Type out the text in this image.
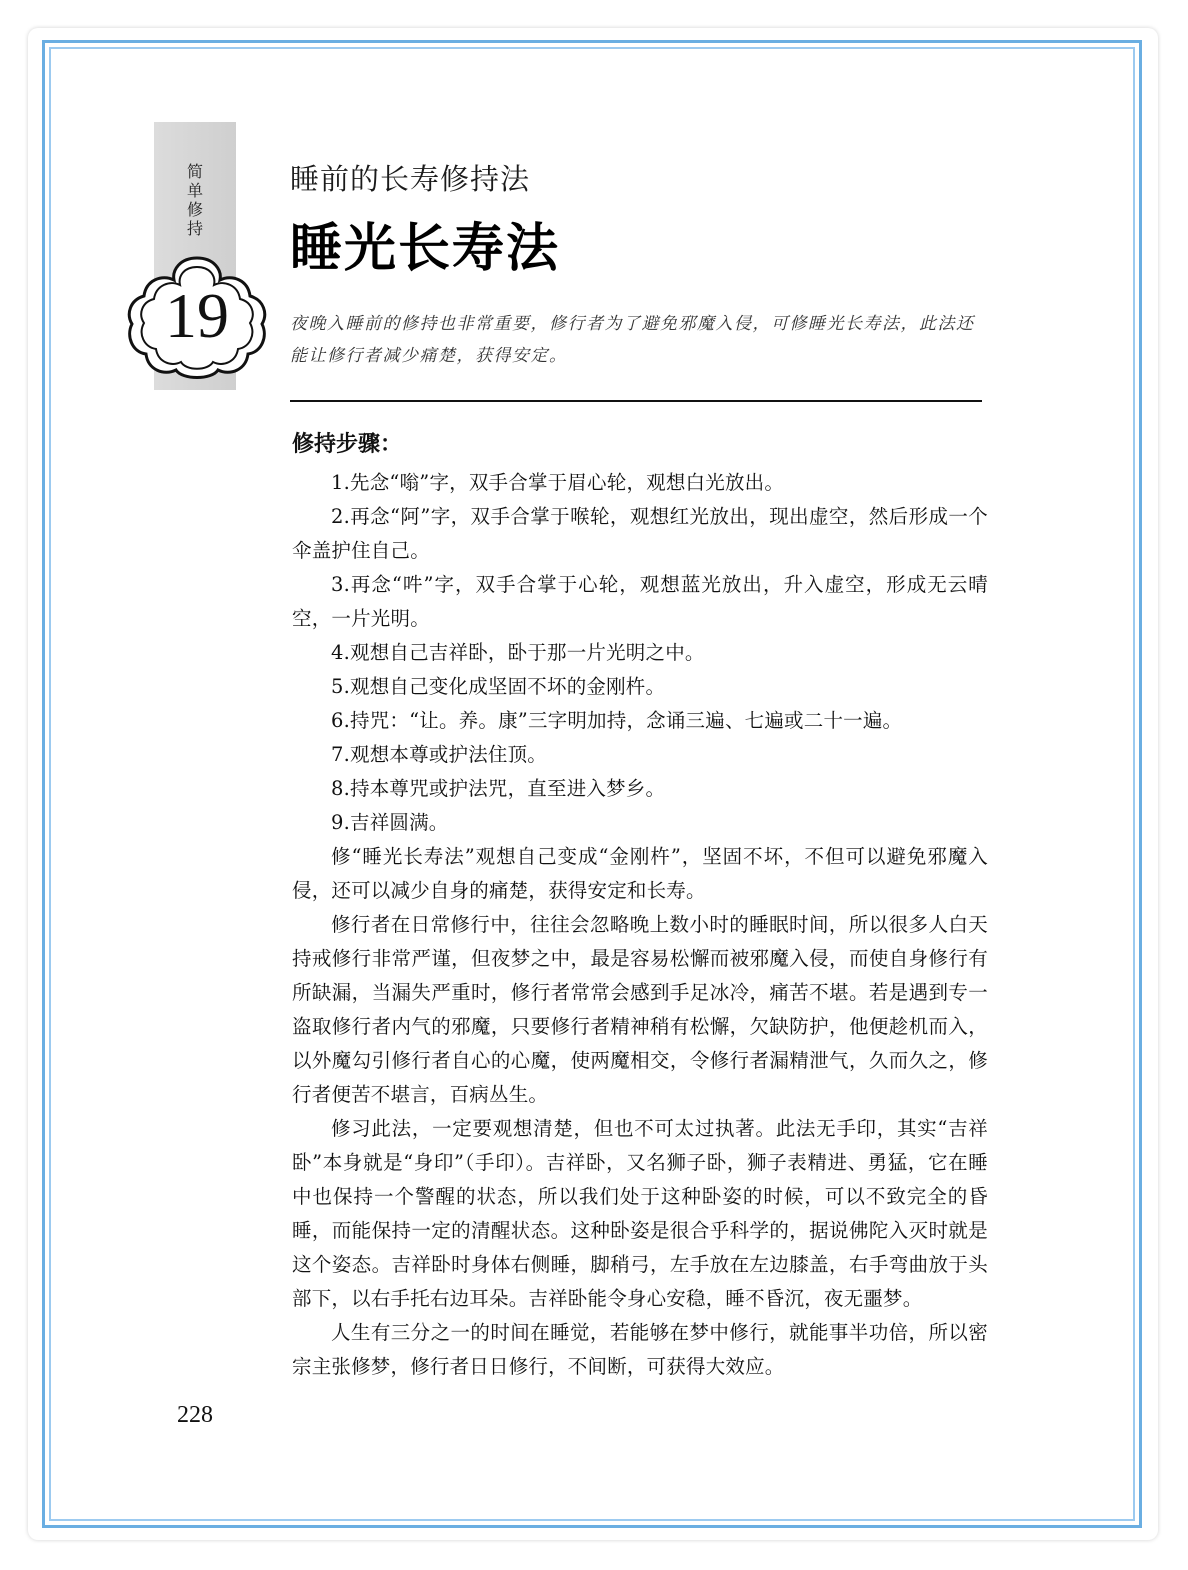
简单修持
19
睡前的长寿修持法
睡光长寿法
夜晚入睡前的修持也非常重要，修行者为了避免邪魔入侵，可修睡光长寿法，此法还能让修行者减少痛楚，获得安定。
修持步骤：

1.先念“嗡”字，双手合掌于眉心轮，观想白光放出。

2.再念“阿”字，双手合掌于喉轮，观想红光放出，现出虚空，然后形成一个伞盖护住自己。

3.再念“吽”字，双手合掌于心轮，观想蓝光放出，升入虚空，形成无云晴空，一片光明。

4.观想自己吉祥卧，卧于那一片光明之中。

5.观想自己变化成坚固不坏的金刚杵。

6.持咒：“让。养。康”三字明加持，念诵三遍、七遍或二十一遍。

7.观想本尊或护法住顶。

8.持本尊咒或护法咒，直至进入梦乡。

9.吉祥圆满。

修“睡光长寿法”观想自己变成“金刚杵”，坚固不坏，不但可以避免邪魔入侵，还可以减少自身的痛楚，获得安定和长寿。

修行者在日常修行中，往往会忽略晚上数小时的睡眠时间，所以很多人白天持戒修行非常严谨，但夜梦之中，最是容易松懈而被邪魔入侵，而使自身修行有所缺漏，当漏失严重时，修行者常常会感到手足冰冷，痛苦不堪。若是遇到专一盗取修行者内气的邪魔，只要修行者精神稍有松懈，欠缺防护，他便趁机而入，以外魔勾引修行者自心的心魔，使两魔相交，令修行者漏精泄气，久而久之，修行者便苦不堪言，百病丛生。

修习此法，一定要观想清楚，但也不可太过执著。此法无手印，其实“吉祥卧”本身就是“身印”（手印）。吉祥卧，又名狮子卧，狮子表精进、勇猛，它在睡中也保持一个警醒的状态，所以我们处于这种卧姿的时候，可以不致完全的昏睡，而能保持一定的清醒状态。这种卧姿是很合乎科学的，据说佛陀入灭时就是这个姿态。吉祥卧时身体右侧睡，脚稍弓，左手放在左边膝盖，右手弯曲放于头部下，以右手托右边耳朵。吉祥卧能令身心安稳，睡不昏沉，夜无噩梦。

人生有三分之一的时间在睡觉，若能够在梦中修行，就能事半功倍，所以密宗主张修梦，修行者日日修行，不间断，可获得大效应。

228
